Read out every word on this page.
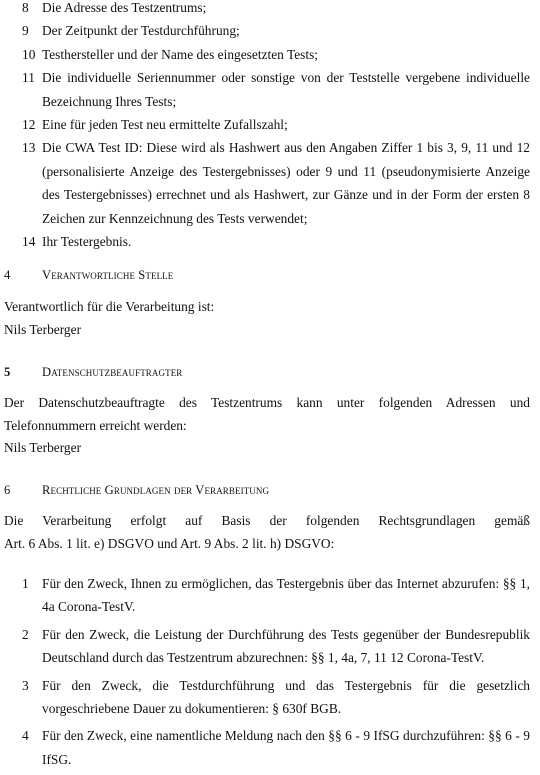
8 Die Adresse des Testzentrums;
9 Der Zeitpunkt der Testdurchführung;
10 Testhersteller und der Name des eingesetzten Tests;
11 Die individuelle Seriennummer oder sonstige von der Teststelle vergebene individuelle Bezeichnung Ihres Tests;
12 Eine für jeden Test neu ermittelte Zufallszahl;
13 Die CWA Test ID: Diese wird als Hashwert aus den Angaben Ziffer 1 bis 3, 9, 11 und 12 (personalisierte Anzeige des Testergebnisses) oder 9 und 11 (pseudonymisierte Anzeige des Testergebnisses) errechnet und als Hashwert, zur Gänze und in der Form der ersten 8 Zeichen zur Kennzeichnung des Tests verwendet;
14 Ihr Testergebnis.
4	Verantwortliche Stelle
Verantwortlich für die Verarbeitung ist:
Nils Terberger
5	Datenschutzbeauftragter
Der Datenschutzbeauftragte des Testzentrums kann unter folgenden Adressen und Telefonnummern erreicht werden:
Nils Terberger
6	Rechtliche Grundlagen der Verarbeitung
Die Verarbeitung erfolgt auf Basis der folgenden Rechtsgrundlagen gemäß
Art. 6 Abs. 1 lit. e) DSGVO und Art. 9 Abs. 2 lit. h) DSGVO:
1 Für den Zweck, Ihnen zu ermöglichen, das Testergebnis über das Internet abzurufen: §§ 1, 4a Corona-TestV.
2 Für den Zweck, die Leistung der Durchführung des Tests gegenüber der Bundesrepublik Deutschland durch das Testzentrum abzurechnen: §§ 1, 4a, 7, 11 12 Corona-TestV.
3 Für den Zweck, die Testdurchführung und das Testergebnis für die gesetzlich vorgeschriebene Dauer zu dokumentieren: § 630f BGB.
4 Für den Zweck, eine namentliche Meldung nach den §§ 6 - 9 IfSG durchzuführen: §§ 6 - 9 IfSG.
